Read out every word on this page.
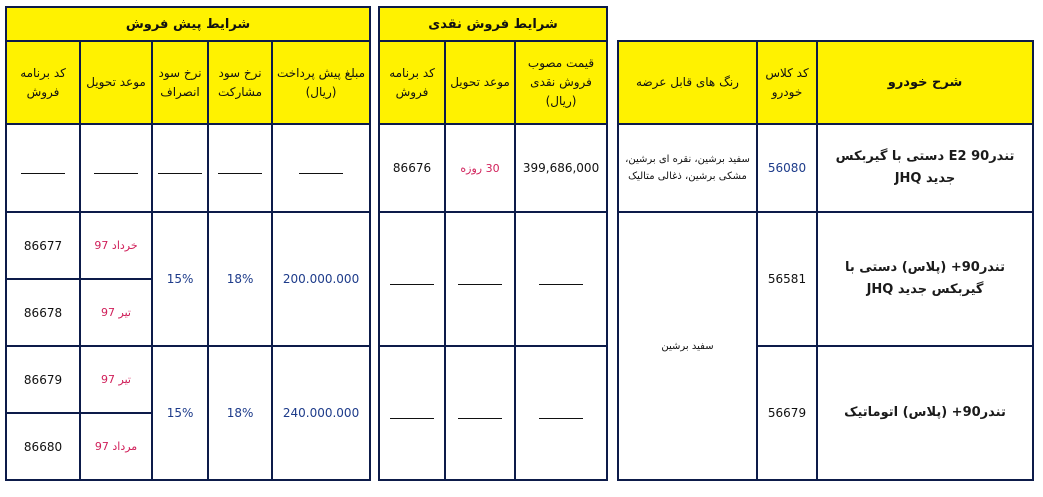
شرایط پیش فروش				
مبلغ پیش پرداخت (ریال)	نرخ سود مشارکت	نرخ سود انصراف	موعد تحویل	کد برنامه فروش

200.000.000	18%	15%	خرداد 97	86677
			تیر 97	86678
240.000.000	18%	15%	تیر 97	86679
			مرداد 97	86680
شرایط فروش نقدی		
قیمت مصوب فروش نقدی (ریال)	موعد تحویل	کد برنامه فروش
399,686,000	30 روزه	86676

شرح خودرو	کد کلاس خودرو	رنگ های قابل عرضه
تندر90 E2 دستی با گیربکس جدید JHQ	56080	سفید برشین، نقره ای برشین، مشکی برشین، ذغالی متالیک
تندر90+ (پلاس) دستی با گیربکس جدید JHQ	56581	سفید برشین
تندر90+ (پلاس) اتوماتیک	56679	
